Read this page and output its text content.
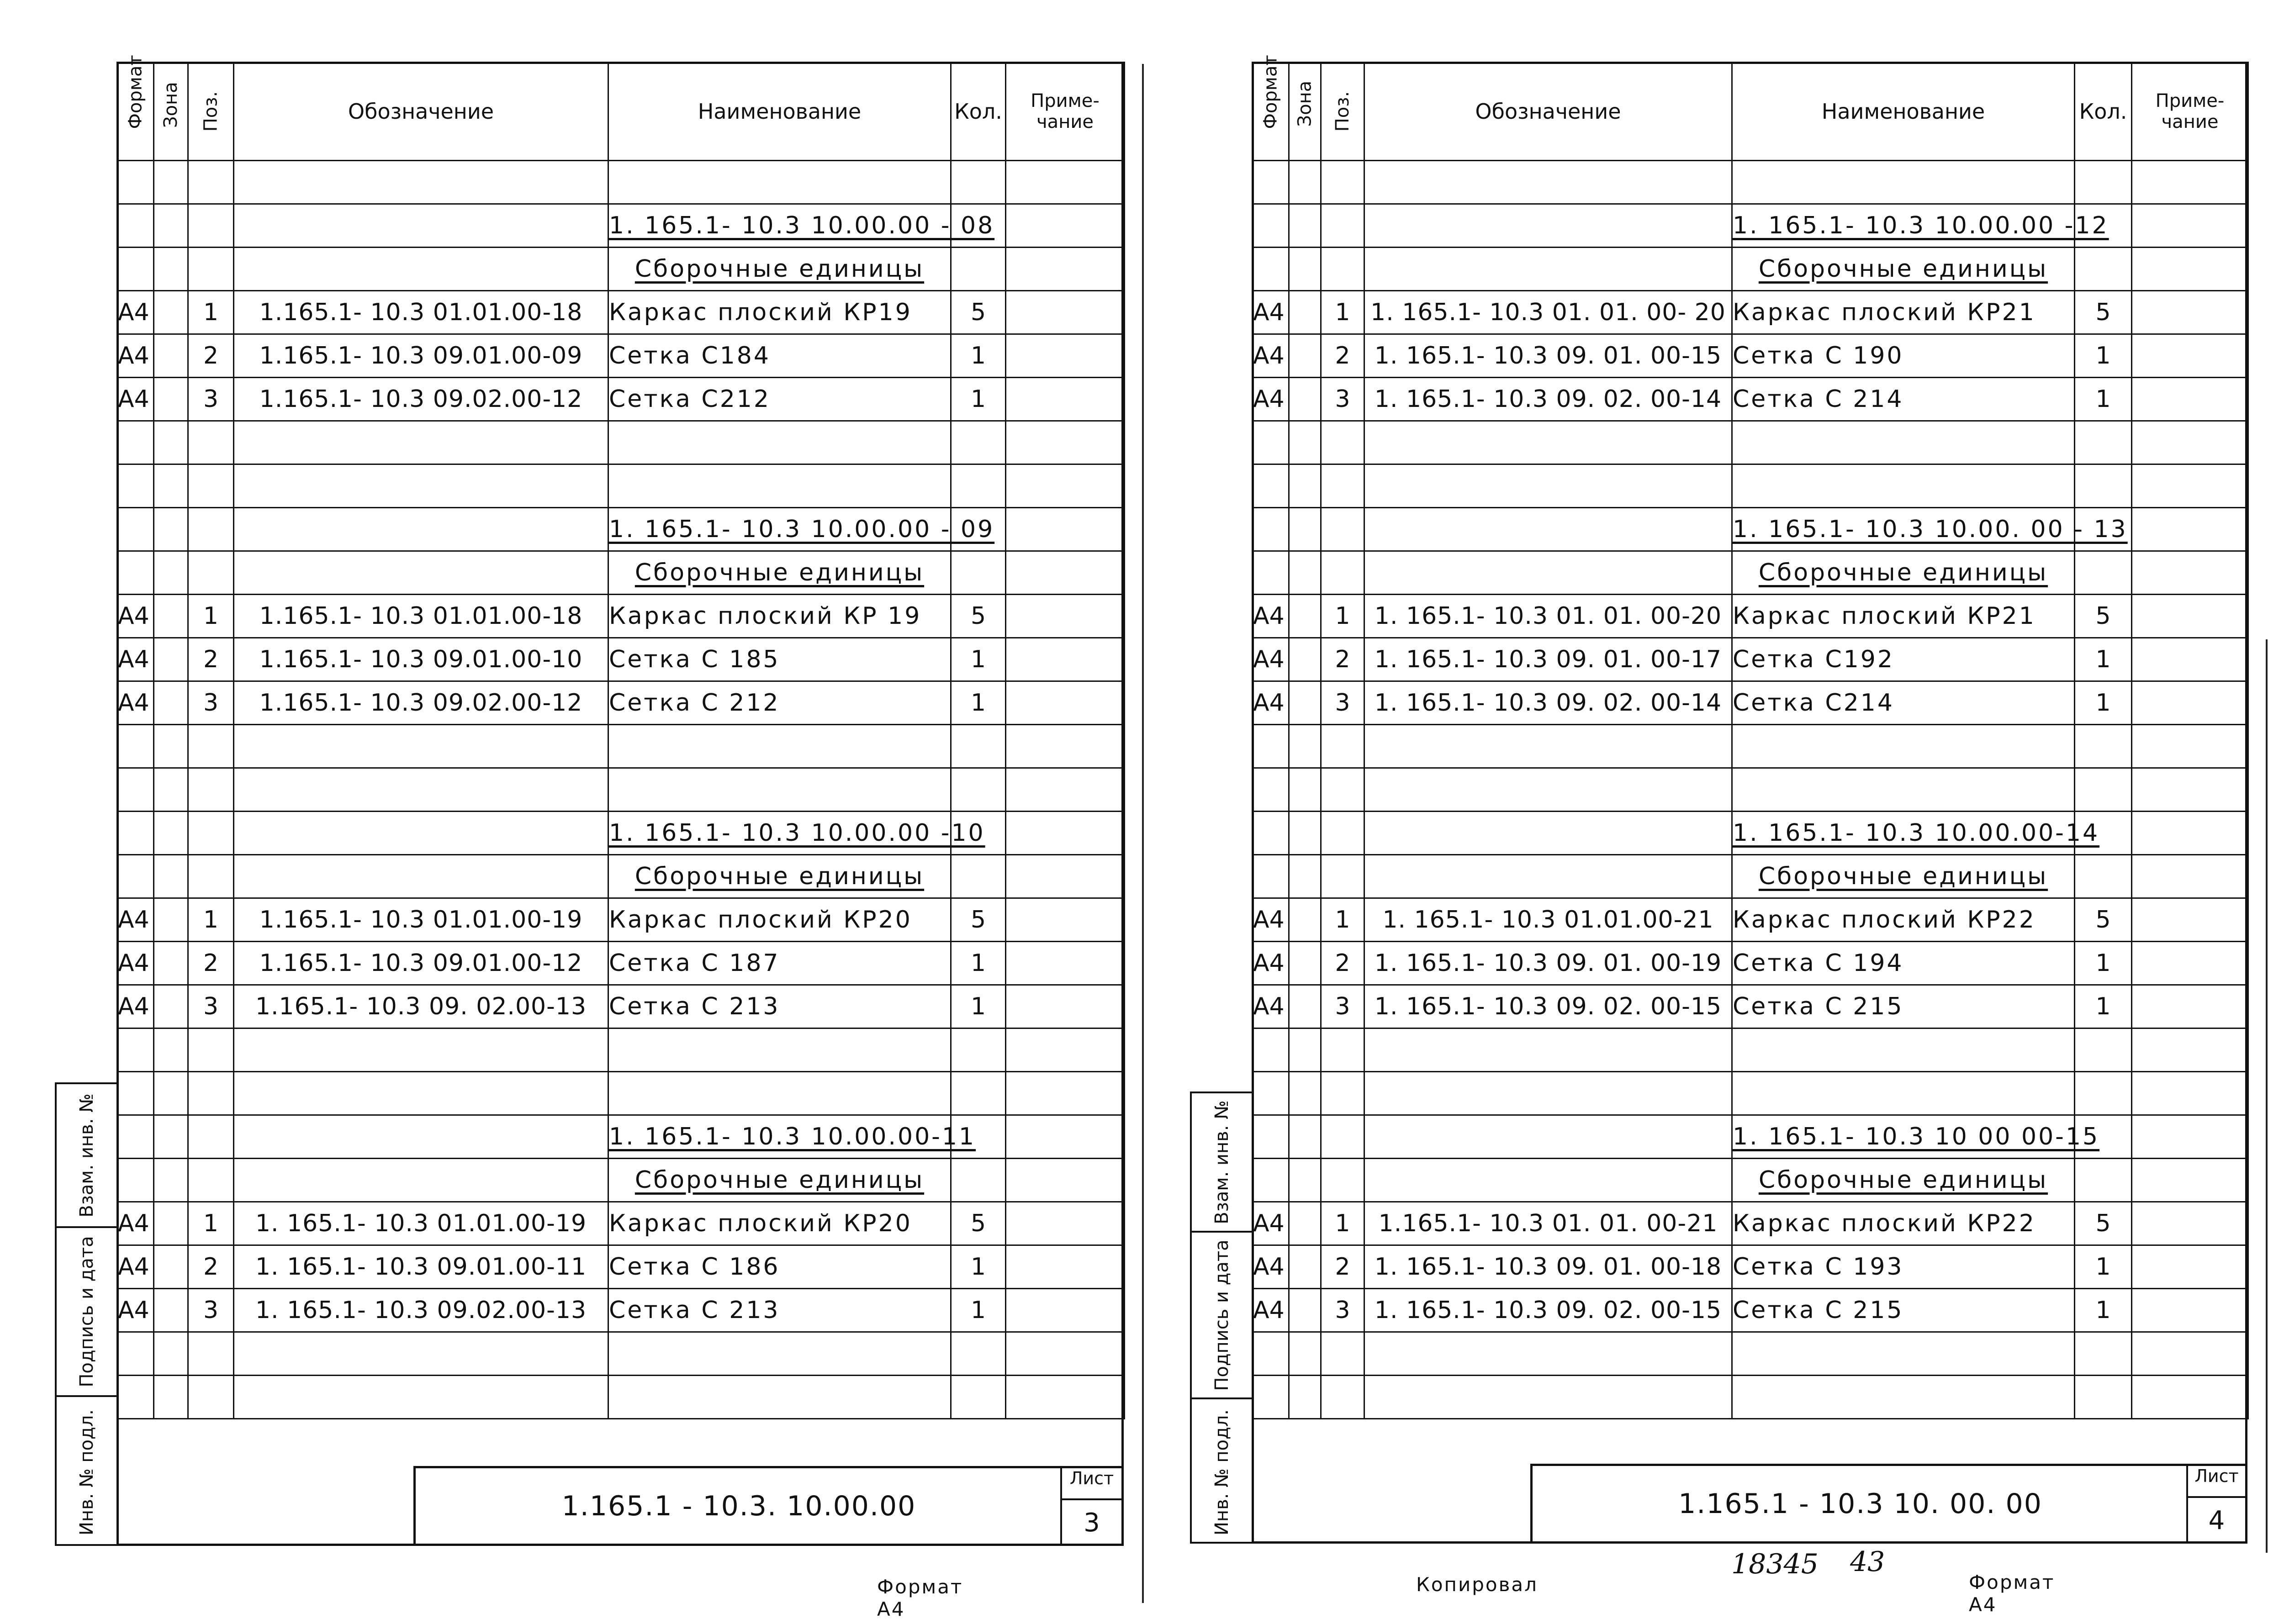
Взам. инв. №
Подпись и дата
Инв. № подл.
Формат	Зона	Поз.	Обозначение	Наименование	Кол.	Приме-
чание

				1. 165.1- 10.3 10.00.00 - 08		
				Сборочные единицы		
А4		1	1.165.1- 10.3 01.01.00-18	Каркас плоский КР19	5	
А4		2	1.165.1- 10.3 09.01.00-09	Сетка С184	1	
А4		3	1.165.1- 10.3 09.02.00-12	Сетка С212	1	

				1. 165.1- 10.3 10.00.00 - 09		
				Сборочные единицы		
А4		1	1.165.1- 10.3 01.01.00-18	Каркас плоский КР 19	5	
А4		2	1.165.1- 10.3 09.01.00-10	Сетка С 185	1	
А4		3	1.165.1- 10.3 09.02.00-12	Сетка С 212	1	

				1. 165.1- 10.3 10.00.00 -10		
				Сборочные единицы		
А4		1	1.165.1- 10.3 01.01.00-19	Каркас плоский КР20	5	
А4		2	1.165.1- 10.3 09.01.00-12	Сетка С 187	1	
А4		3	1.165.1- 10.3 09. 02.00-13	Сетка С 213	1	

				1. 165.1- 10.3 10.00.00-11		
				Сборочные единицы		
А4		1	1. 165.1- 10.3 01.01.00-19	Каркас плоский КР20	5	
А4		2	1. 165.1- 10.3 09.01.00-11	Сетка С 186	1	
А4		3	1. 165.1- 10.3 09.02.00-13	Сетка С 213	1	

1.165.1 - 10.3. 10.00.00
Лист
3
Формат А4
Взам. инв. №
Подпись и дата
Инв. № подл.
Формат	Зона	Поз.	Обозначение	Наименование	Кол.	Приме-
чание

				1. 165.1- 10.3 10.00.00 -12		
				Сборочные единицы		
А4		1	1. 165.1- 10.3 01. 01. 00- 20	Каркас плоский КР21	5	
А4		2	1. 165.1- 10.3 09. 01. 00-15	Сетка С 190	1	
А4		3	1. 165.1- 10.3 09. 02. 00-14	Сетка С 214	1	

				1. 165.1- 10.3 10.00. 00 - 13		
				Сборочные единицы		
А4		1	1. 165.1- 10.3 01. 01. 00-20	Каркас плоский КР21	5	
А4		2	1. 165.1- 10.3 09. 01. 00-17	Сетка С192	1	
А4		3	1. 165.1- 10.3 09. 02. 00-14	Сетка С214	1	

				1. 165.1- 10.3 10.00.00-14		
				Сборочные единицы		
А4		1	1. 165.1- 10.3 01.01.00-21	Каркас плоский КР22	5	
А4		2	1. 165.1- 10.3 09. 01. 00-19	Сетка С 194	1	
А4		3	1. 165.1- 10.3 09. 02. 00-15	Сетка С 215	1	

				1. 165.1- 10.3 10 00 00-15		
				Сборочные единицы		
А4		1	1.165.1- 10.3 01. 01. 00-21	Каркас плоский КР22	5	
А4		2	1. 165.1- 10.3 09. 01. 00-18	Сетка С 193	1	
А4		3	1. 165.1- 10.3 09. 02. 00-15	Сетка С 215	1	

1.165.1 - 10.3 10. 00. 00
Лист
4
Копировал
18345 43
Формат А4
